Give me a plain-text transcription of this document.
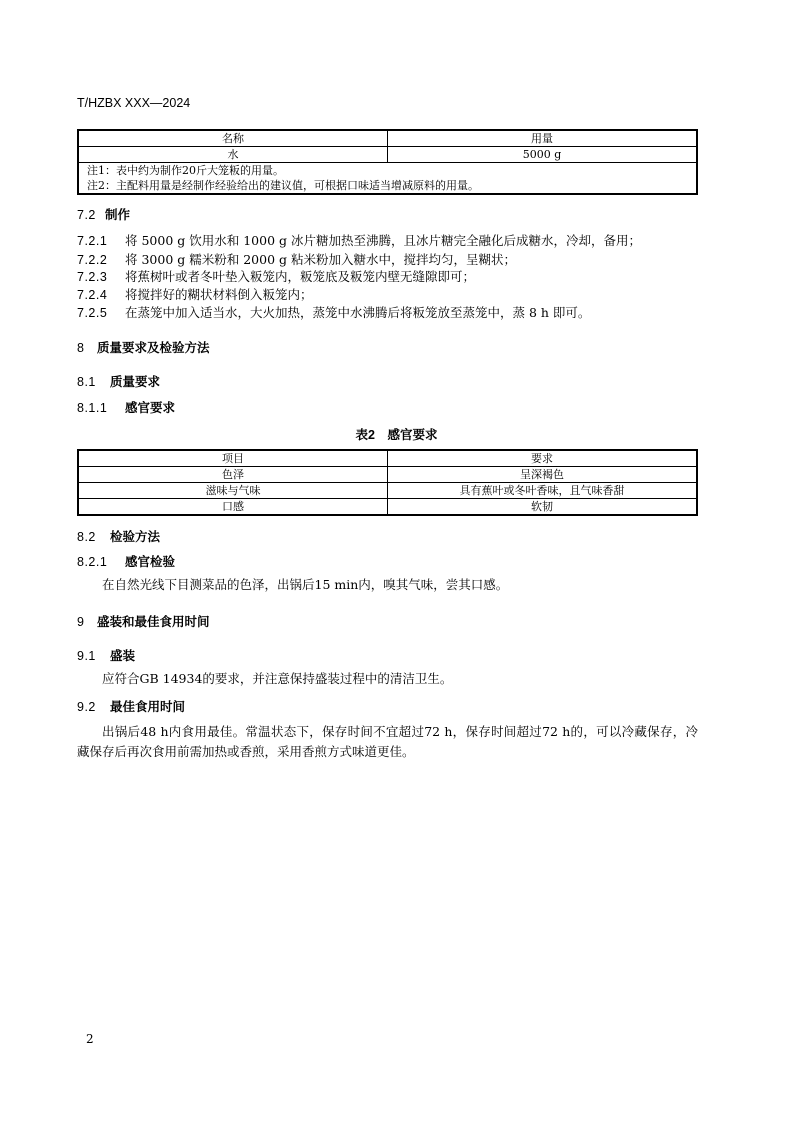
T/HZBX XXX—2024
名称	用量
水	5000 g
注1：表中约为制作20斤大笼粄的用量。	
注2：主配料用量是经制作经验给出的建议值，可根据口味适当增减原料的用量。	
7.2 制作
7.2.1 将 5000 g 饮用水和 1000 g 冰片糖加热至沸腾，且冰片糖完全融化后成糖水，冷却，备用；
7.2.2 将 3000 g 糯米粉和 2000 g 粘米粉加入糖水中，搅拌均匀，呈糊状；
7.2.3 将蕉树叶或者冬叶垫入粄笼内，粄笼底及粄笼内壁无缝隙即可；
7.2.4 将搅拌好的糊状材料倒入粄笼内；
7.2.5 在蒸笼中加入适当水，大火加热，蒸笼中水沸腾后将粄笼放至蒸笼中，蒸 8 h 即可。
8 质量要求及检验方法
8.1 质量要求
8.1.1 感官要求
表2　感官要求
项目	要求
色泽	呈深褐色
滋味与气味	具有蕉叶或冬叶香味，且气味香甜
口感	软韧
8.2 检验方法
8.2.1 感官检验
在自然光线下目测菜品的色泽，出锅后15 min内，嗅其气味，尝其口感。
9 盛装和最佳食用时间
9.1 盛装
应符合GB 14934的要求，并注意保持盛装过程中的清洁卫生。
9.2 最佳食用时间
出锅后48 h内食用最佳。常温状态下，保存时间不宜超过72 h，保存时间超过72 h的，可以冷藏保存，冷藏保存后再次食用前需加热或香煎，采用香煎方式味道更佳。
2
